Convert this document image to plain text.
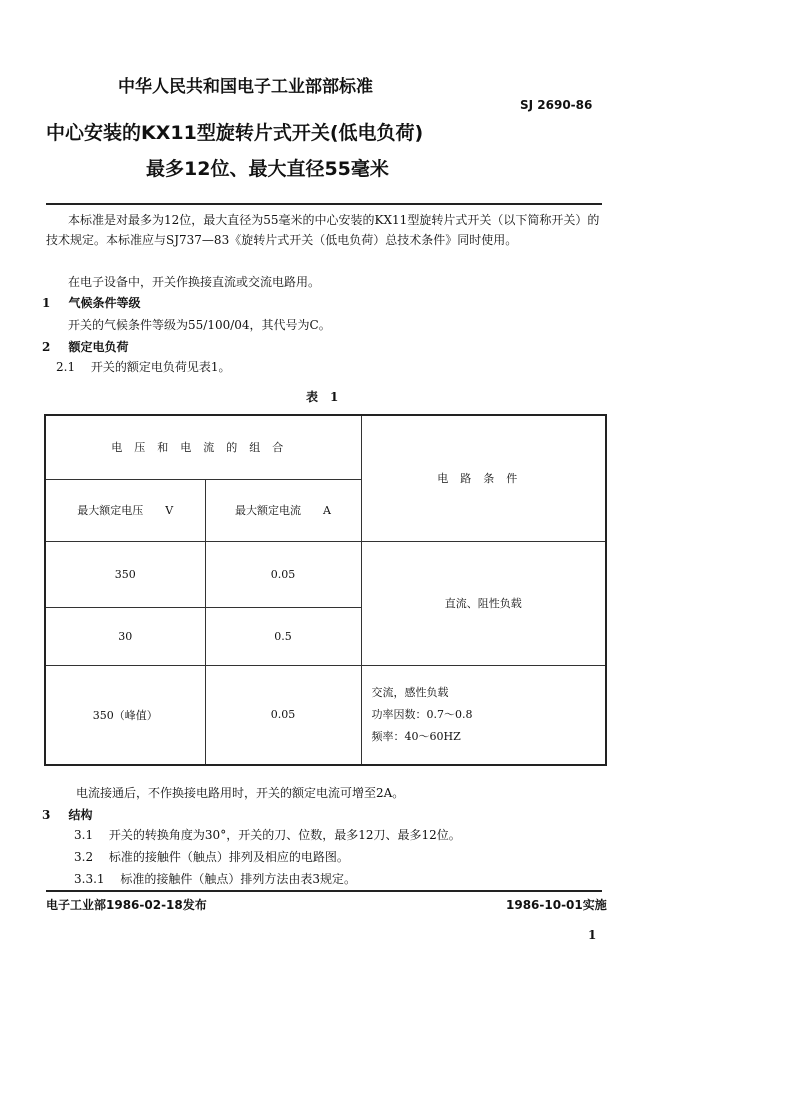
中华人民共和国电子工业部部标准
SJ 2690-86
中心安装的KX11型旋转片式开关(低电负荷)
最多12位、最大直径55毫米
本标准是对最多为12位，最大直径为55毫米的中心安装的KX11型旋转片式开关（以下简称开关）的技术规定。本标准应与SJ737—83《旋转片式开关（低电负荷）总技术条件》同时使用。
在电子设备中，开关作换接直流或交流电路用。
1 气候条件等级
开关的气候条件等级为55/100/04，其代号为C。
2 额定电负荷
2.1 开关的额定电负荷见表1。
表　1
电压和电流的组合		电路条件
最大额定电压　　V	最大额定电流　　A	
350	0.05	直流、阻性负载
30	0.5	
350（峰值）	0.05	交流，感性负载
功率因数：0.7～0.8
频率：40～60HZ
电流接通后，不作换接电路用时，开关的额定电流可增至2A。
3 结构
3.1 开关的转换角度为30°，开关的刀、位数，最多12刀、最多12位。
3.2 标准的接触件（触点）排列及相应的电路图。
3.3.1 标准的接触件（触点）排列方法由表3规定。
电子工业部1986-02-18发布	1986-10-01实施
1
